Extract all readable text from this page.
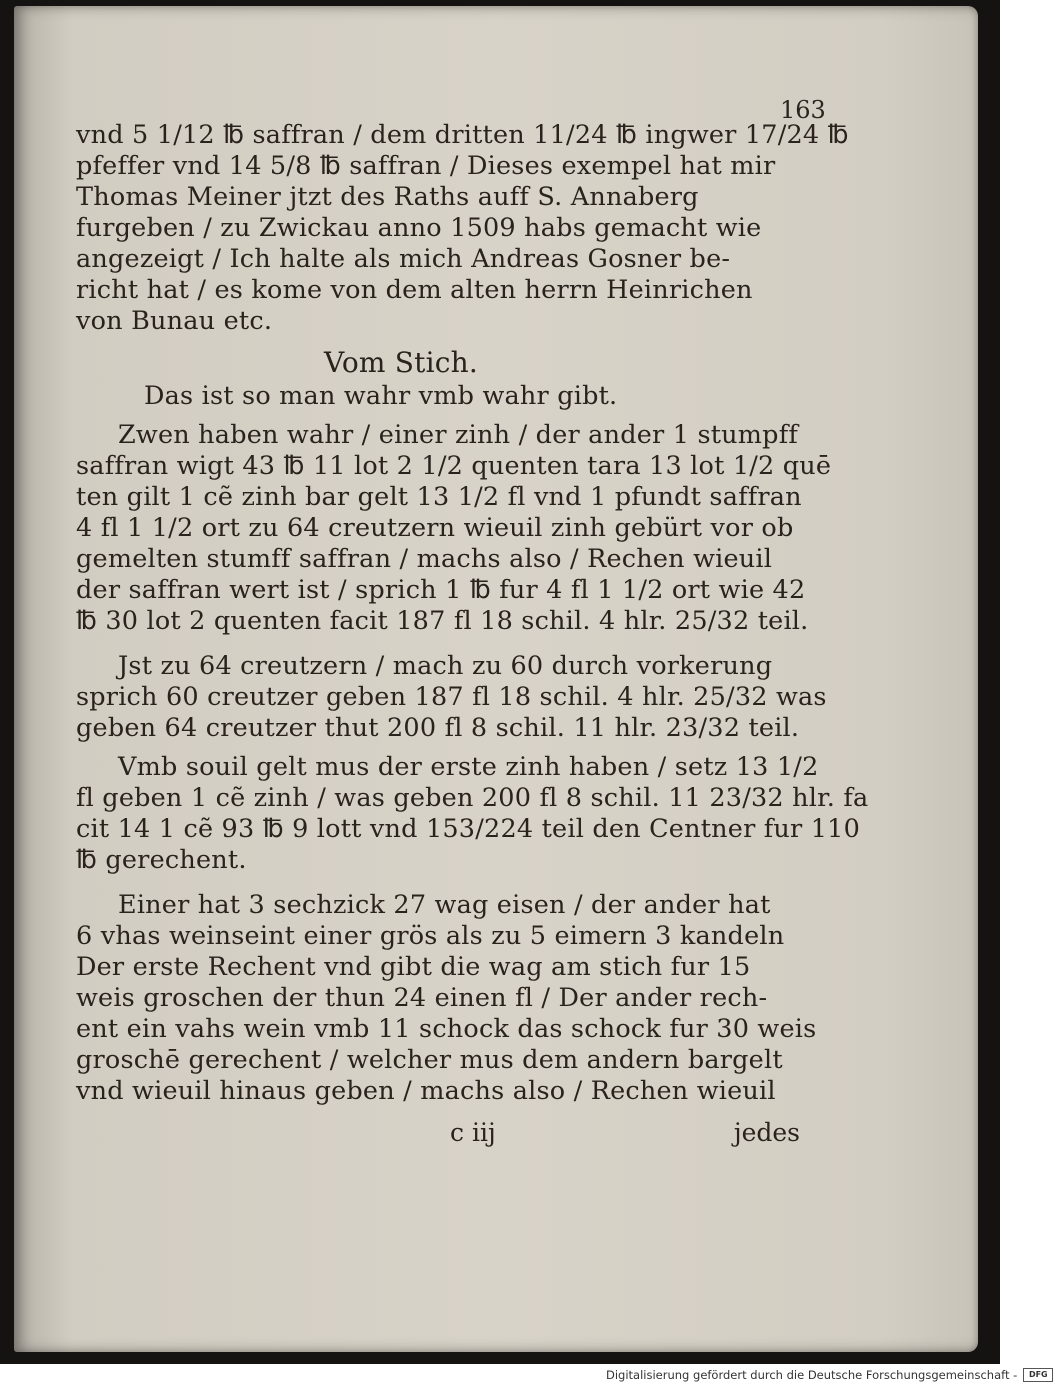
163
vnd 5 1/12 ℔ saffran / dem dritten 11/24 ℔ ingwer 17/24 ℔
pfeffer vnd 14 5/8 ℔ saffran / Dieses exempel hat mir
Thomas Meiner jtzt des Raths auff S. Annaberg
furgeben / zu Zwickau anno 1509 habs gemacht wie
angezeigt / Ich halte als mich Andreas Gosner be-
richt hat / es kome von dem alten herrn Heinrichen
von Bunau etc.
Vom Stich.
Das ist so man wahr vmb wahr gibt.
Zwen haben wahr / einer zinh / der ander 1 stumpff
saffran wigt 43 ℔ 11 lot 2 1/2 quenten tara 13 lot 1/2 quē
ten gilt 1 cẽ zinh bar gelt 13 1/2 fl vnd 1 pfundt saffran
4 fl 1 1/2 ort zu 64 creutzern wieuil zinh gebürt vor ob
gemelten stumff saffran / machs also / Rechen wieuil
der saffran wert ist / sprich 1 ℔ fur 4 fl 1 1/2 ort wie 42
℔ 30 lot 2 quenten facit 187 fl 18 schil. 4 hlr. 25/32 teil.
Jst zu 64 creutzern / mach zu 60 durch vorkerung
sprich 60 creutzer geben 187 fl 18 schil. 4 hlr. 25/32 was
geben 64 creutzer thut 200 fl 8 schil. 11 hlr. 23/32 teil.
Vmb souil gelt mus der erste zinh haben / setz 13 1/2
fl geben 1 cẽ zinh / was geben 200 fl 8 schil. 11 23/32 hlr. fa
cit 14 1 cẽ 93 ℔ 9 lott vnd 153/224 teil den Centner fur 110
℔ gerechent.
Einer hat 3 sechzick 27 wag eisen / der ander hat
6 vhas weinseint einer grös als zu 5 eimern 3 kandeln
Der erste Rechent vnd gibt die wag am stich fur 15
weis groschen der thun 24 einen fl / Der ander rech-
ent ein vahs wein vmb 11 schock das schock fur 30 weis
groschē gerechent / welcher mus dem andern bargelt
vnd wieuil hinaus geben / machs also / Rechen wieuil
c iij	jedes
Digitalisierung gefördert durch die Deutsche Forschungsgemeinschaft -	DFG
